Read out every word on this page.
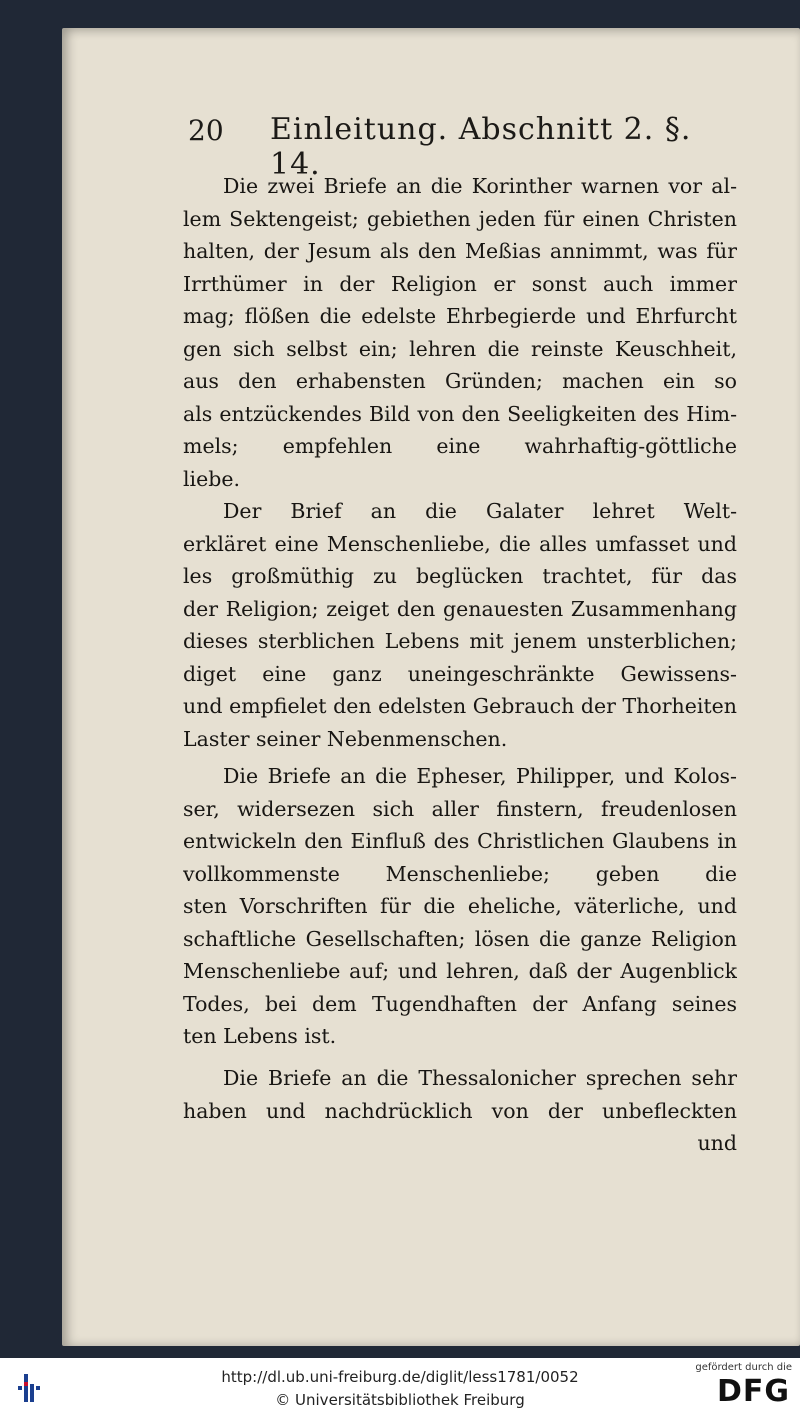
20 Einleitung. Abschnitt 2. §. 14.
Die zwei Briefe an die Korinther warnen vor al-
lem Sektengeist; gebiethen jeden für einen Christen
halten, der Jesum als den Meßias annimmt, was für
Irrthümer in der Religion er sonst auch immer
mag; flößen die edelste Ehrbegierde und Ehrfurcht
gen sich selbst ein; lehren die reinste Keuschheit,
aus den erhabensten Gründen; machen ein so
als entzückendes Bild von den Seeligkeiten des Him-
mels; empfehlen eine wahrhaftig-göttliche
liebe.
Der Brief an die Galater lehret Welt-
erkläret eine Menschenliebe, die alles umfasset und
les großmüthig zu beglücken trachtet, für das
der Religion; zeiget den genauesten Zusammenhang
dieses sterblichen Lebens mit jenem unsterblichen;
diget eine ganz uneingeschränkte Gewissens-
und empfielet den edelsten Gebrauch der Thorheiten
Laster seiner Nebenmenschen.
Die Briefe an die Epheser, Philipper, und Kolos-
ser, widersezen sich aller finstern, freudenlosen
entwickeln den Einfluß des Christlichen Glaubens in
vollkommenste Menschenliebe; geben die
sten Vorschriften für die eheliche, väterliche, und
schaftliche Gesellschaften; lösen die ganze Religion
Menschenliebe auf; und lehren, daß der Augenblick
Todes, bei dem Tugendhaften der Anfang seines
ten Lebens ist.
Die Briefe an die Thessalonicher sprechen sehr
haben und nachdrücklich von der unbefleckten
und
http://dl.ub.uni-freiburg.de/diglit/less1781/0052
© Universitätsbibliothek Freiburg
gefördert durch die
DFG
